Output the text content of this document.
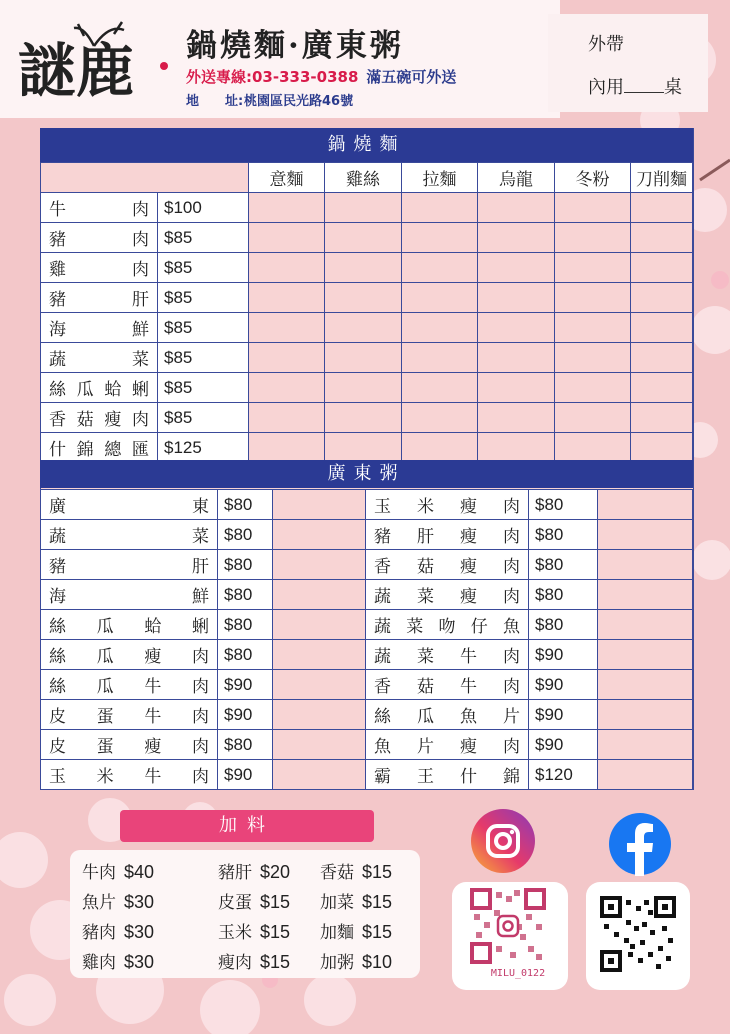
謎鹿 鍋燒麵·廣東粥
外送專線:03-333-0388 滿五碗可外送
地　　址:桃園區民光路46號
外帶
內用 桌
鍋燒麵
		意麵	雞絲	拉麵	烏龍	冬粉	刀削麵
牛肉	$100						
豬肉	$85						
雞肉	$85						
豬肝	$85						
海鮮	$85						
蔬菜	$85						
絲瓜蛤蜊	$85						
香菇瘦肉	$85						
什錦總匯	$125						
廣東粥
廣東	$80		玉米瘦肉	$80	
蔬菜	$80		豬肝瘦肉	$80	
豬肝	$80		香菇瘦肉	$80	
海鮮	$80		蔬菜瘦肉	$80	
絲瓜蛤蜊	$80		蔬菜吻仔魚	$80	
絲瓜瘦肉	$80		蔬菜牛肉	$90	
絲瓜牛肉	$90		香菇牛肉	$90	
皮蛋牛肉	$90		絲瓜魚片	$90	
皮蛋瘦肉	$80		魚片瘦肉	$90	
玉米牛肉	$90		霸王什錦	$120	
加料
牛肉 $40	豬肝 $20 香菇 $15
魚片 $30	皮蛋 $15 加菜 $15
豬肉 $30	玉米 $15 加麵 $15
雞肉 $30	瘦肉 $15 加粥 $10
MILU_0122
